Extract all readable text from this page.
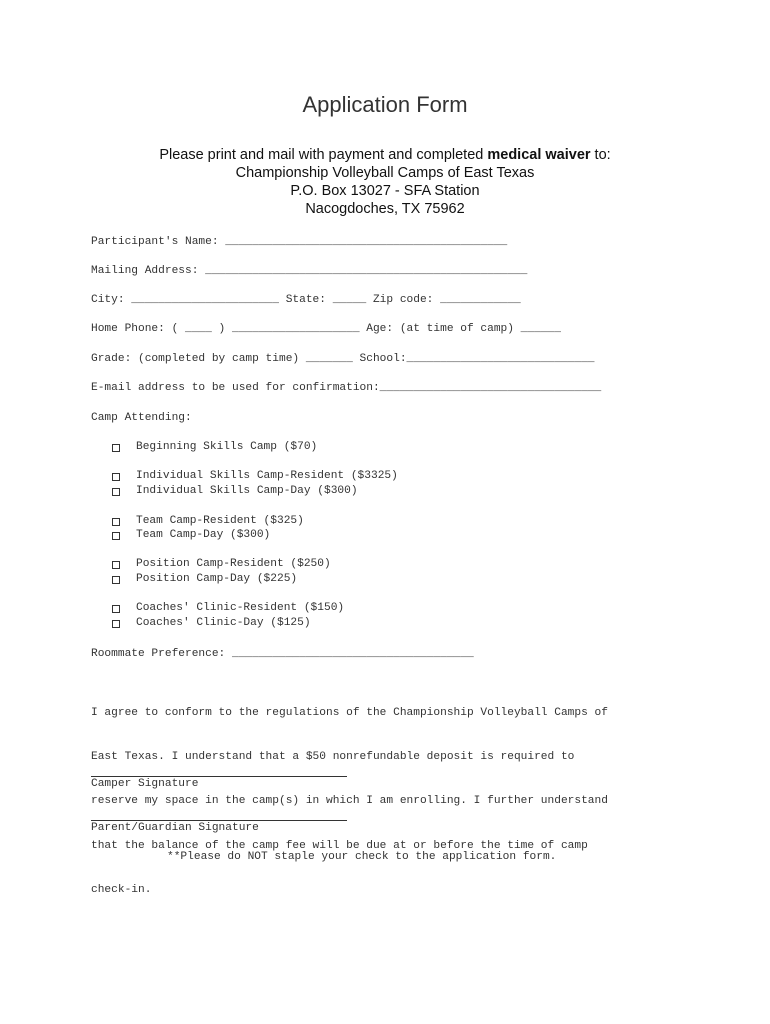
Application Form
Please print and mail with payment and completed medical waiver to:
Championship Volleyball Camps of East Texas
P.O. Box 13027 - SFA Station
Nacogdoches, TX 75962
Participant's Name: __________________________________________
Mailing Address: ________________________________________________
City: ______________________ State: _____ Zip code: ____________
Home Phone: ( ____ ) ___________________ Age: (at time of camp) ______
Grade: (completed by camp time) _______ School:____________________________
E-mail address to be used for confirmation:_________________________________
Camp Attending:
Beginning Skills Camp ($70)
Individual Skills Camp-Resident ($3325)
Individual Skills Camp-Day ($300)
Team Camp-Resident ($325)
Team Camp-Day ($300)
Position Camp-Resident ($250)
Position Camp-Day ($225)
Coaches' Clinic-Resident ($150)
Coaches' Clinic-Day ($125)
Roommate Preference: ____________________________________

I agree to conform to the regulations of the Championship Volleyball Camps of

East Texas. I understand that a $50 nonrefundable deposit is required to

reserve my space in the camp(s) in which I am enrolling. I further understand

that the balance of the camp fee will be due at or before the time of camp

check-in.

Camper Signature
Parent/Guardian Signature
**Please do NOT staple your check to the application form.
